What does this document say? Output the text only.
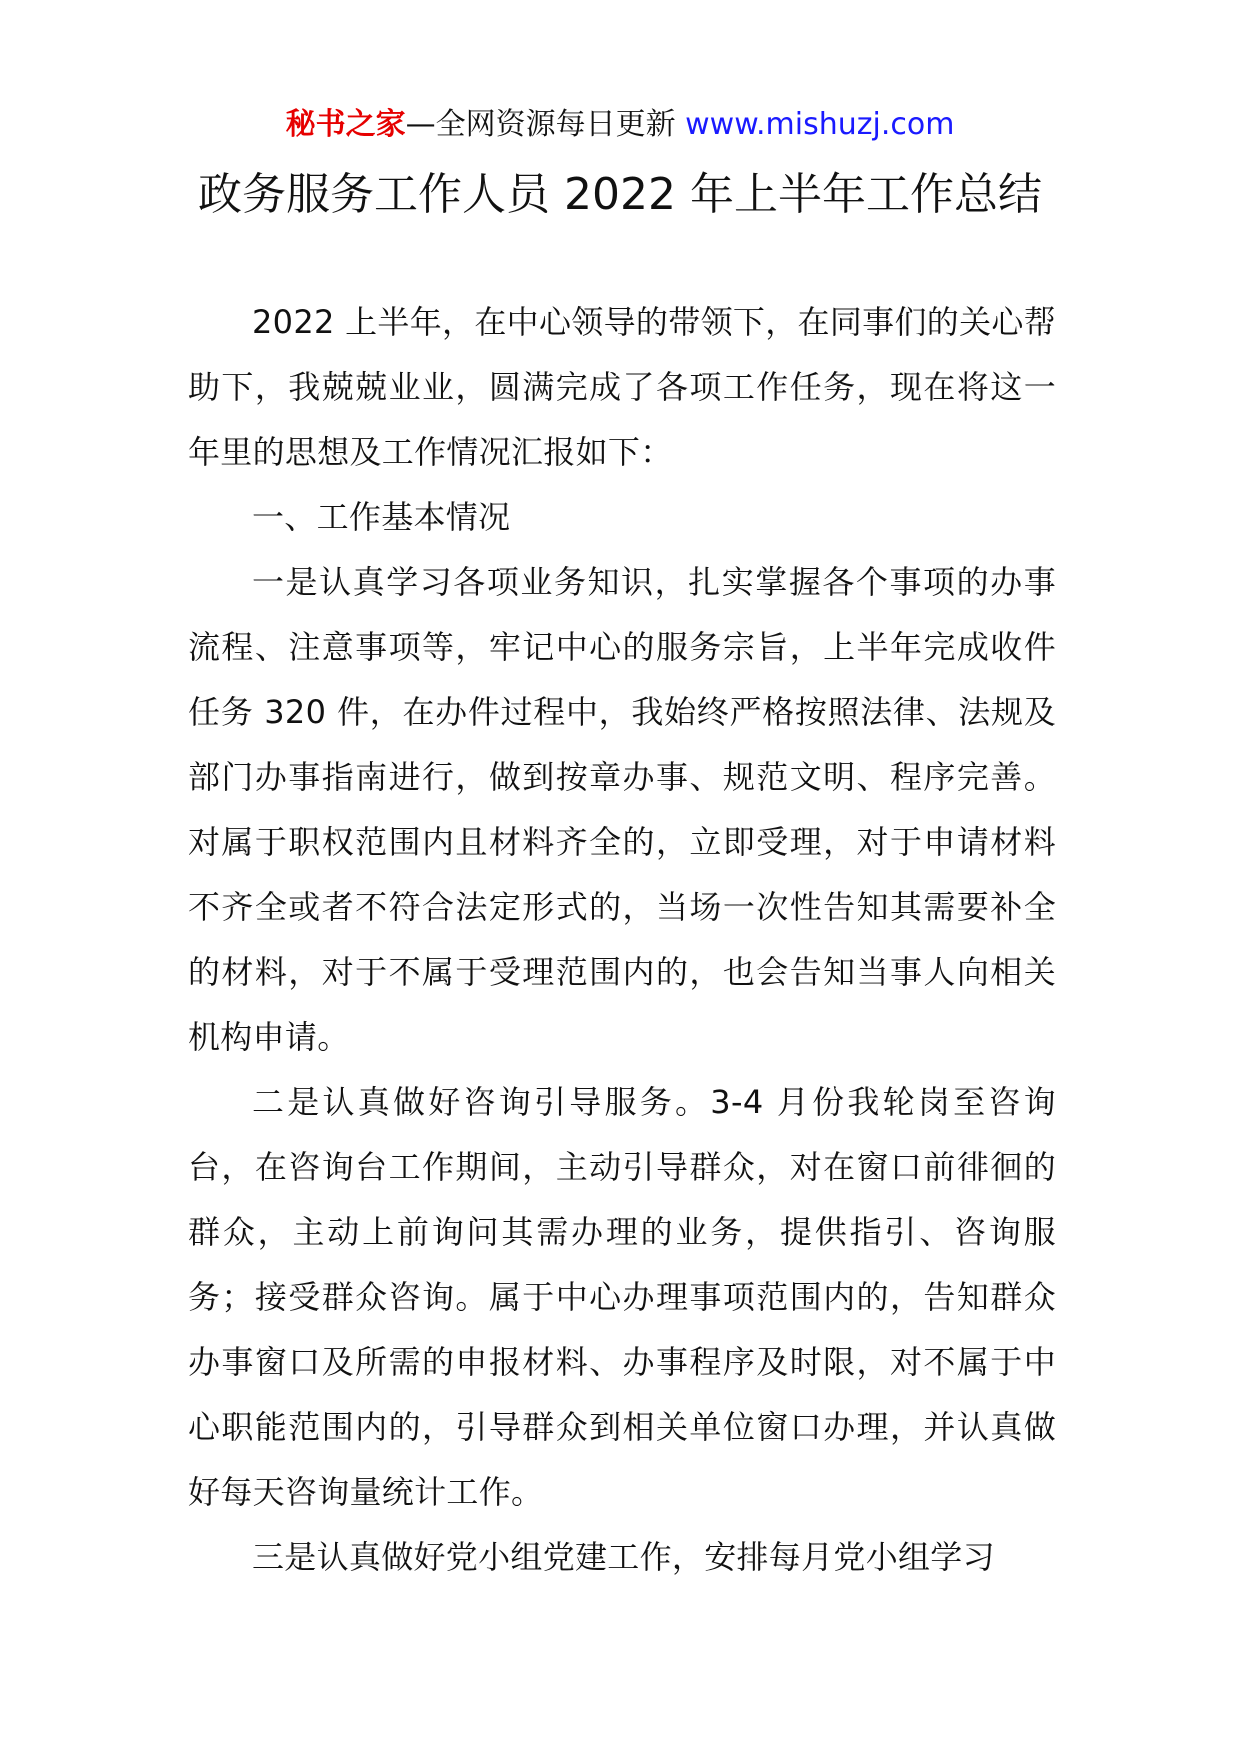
秘书之家—全网资源每日更新 www.mishuzj.com
政务服务工作人员 2022 年上半年工作总结

2022 上半年，在中心领导的带领下，在同事们的关心帮助下，我兢兢业业，圆满完成了各项工作任务，现在将这一年里的思想及工作情况汇报如下：

一、工作基本情况

一是认真学习各项业务知识，扎实掌握各个事项的办事流程、注意事项等，牢记中心的服务宗旨，上半年完成收件任务 320 件，在办件过程中，我始终严格按照法律、法规及部门办事指南进行，做到按章办事、规范文明、程序完善。对属于职权范围内且材料齐全的，立即受理，对于申请材料不齐全或者不符合法定形式的，当场一次性告知其需要补全的材料，对于不属于受理范围内的，也会告知当事人向相关机构申请。

二是认真做好咨询引导服务。3-4 月份我轮岗至咨询台，在咨询台工作期间，主动引导群众，对在窗口前徘徊的群众，主动上前询问其需办理的业务，提供指引、咨询服务；接受群众咨询。属于中心办理事项范围内的，告知群众办事窗口及所需的申报材料、办事程序及时限，对不属于中心职能范围内的，引导群众到相关单位窗口办理，并认真做好每天咨询量统计工作。

三是认真做好党小组党建工作，安排每月党小组学习
